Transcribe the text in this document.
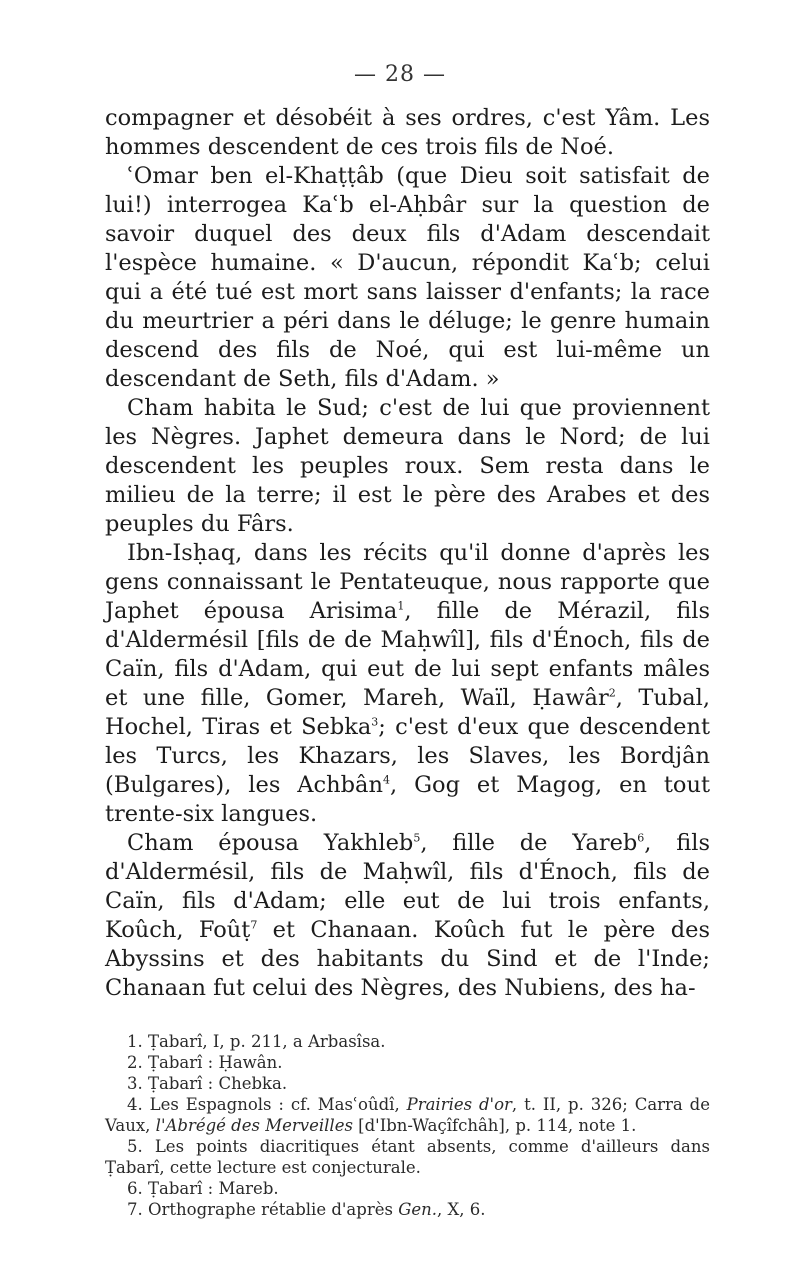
— 28 —

compagner et désobéit à ses ordres, c'est Yâm. Les hommes descendent de ces trois fils de Noé.

ʿOmar ben el-Khaṭṭâb (que Dieu soit satisfait de lui!) interrogea Kaʿb el-Aḥbâr sur la question de savoir duquel des deux fils d'Adam descendait l'espèce humaine. « D'aucun, répondit Kaʿb; celui qui a été tué est mort sans laisser d'enfants; la race du meurtrier a péri dans le déluge; le genre humain descend des fils de Noé, qui est lui-même un descendant de Seth, fils d'Adam. »

Cham habita le Sud; c'est de lui que proviennent les Nègres. Japhet demeura dans le Nord; de lui descendent les peuples roux. Sem resta dans le milieu de la terre; il est le père des Arabes et des peuples du Fârs.

Ibn-Isḥaq, dans les récits qu'il donne d'après les gens connaissant le Pentateuque, nous rapporte que Japhet épousa Arisima$^1$, fille de Mérazil, fils d'Aldermésil [fils de de Maḥwîl], fils d'Énoch, fils de Caïn, fils d'Adam, qui eut de lui sept enfants mâles et une fille, Gomer, Mareh, Waïl, Ḥawâr$^2$, Tubal, Hochel, Tiras et Sebka$^3$; c'est d'eux que descendent les Turcs, les Khazars, les Slaves, les Bordjân (Bulgares), les Achbân$^4$, Gog et Magog, en tout trente-six langues.

Cham épousa Yakhleb$^5$, fille de Yareb$^6$, fils d'Aldermésil, fils de Maḥwîl, fils d'Énoch, fils de Caïn, fils d'Adam; elle eut de lui trois enfants, Koûch, Foûṭ$^7$ et Chanaan. Koûch fut le père des Abyssins et des habitants du Sind et de l'Inde; Chanaan fut celui des Nègres, des Nubiens, des ha-

1. Ṭabarî, I, p. 211, a Arbasîsa.

2. Ṭabarî : Ḥawân.

3. Ṭabarî : Chebka.

4. Les Espagnols : cf. Masʿoûdî, Prairies d'or, t. II, p. 326; Carra de Vaux, l'Abrégé des Merveilles [d'Ibn-Waçîfchâh], p. 114, note 1.

5. Les points diacritiques étant absents, comme d'ailleurs dans Ṭabarî, cette lecture est conjecturale.

6. Ṭabarî : Mareb.

7. Orthographe rétablie d'après Gen., X, 6.
